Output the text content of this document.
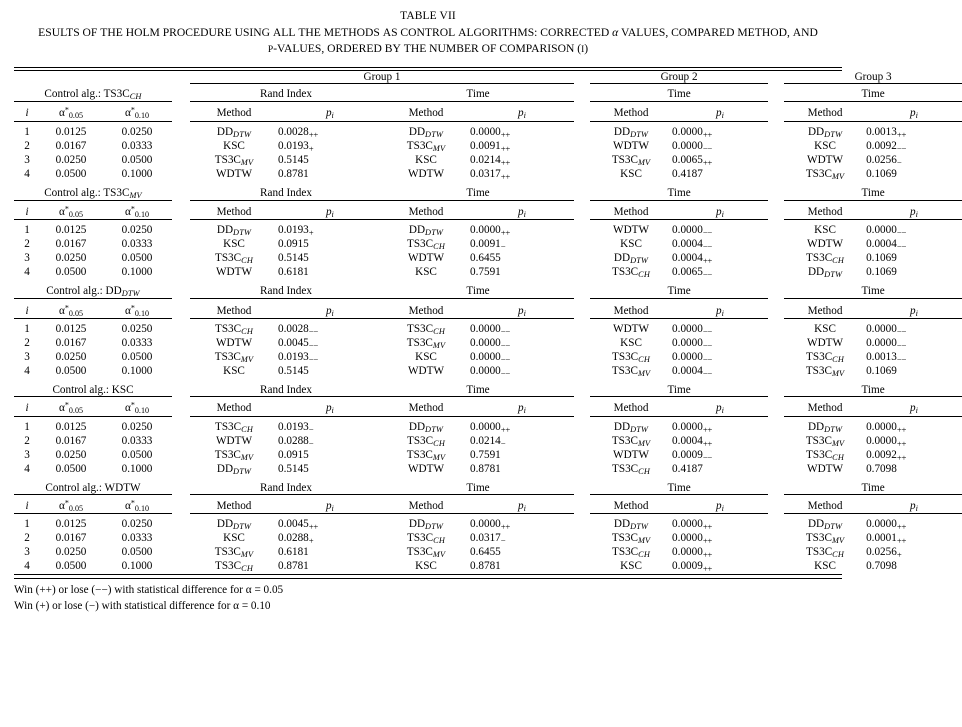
TABLE VII
ESULTS OF THE HOLM PROCEDURE USING ALL THE METHODS AS CONTROL ALGORITHMS: CORRECTED α VALUES, COMPARED METHOD, AND
P-VALUES, ORDERED BY THE NUMBER OF COMPARISON (I)
				Group 1					Group 2			Group 3	

Control alg.: TS3CCH				Rand Index		Time			Time			Time	

i	$\alpha^*_{0.05}$	$\alpha^*_{0.10}$		Method	pi	Method	pi		Method	pi		Method	pi

1	0.0125	0.0250		DDDTW	$0.0028_{++}$	DDDTW	$0.0000_{++}$		DDDTW	$0.0000_{++}$		DDDTW	$0.0013_{++}$
2	0.0167	0.0333		KSC	$0.0193_+$	TS3CMV	$0.0091_{++}$		WDTW	$0.0000_{--}$		KSC	$0.0092_{--}$
3	0.0250	0.0500		TS3CMV	0.5145	KSC	$0.0214_{++}$		TS3CMV	$0.0065_{++}$		WDTW	$0.0256_-$
4	0.0500	0.1000		WDTW	0.8781	WDTW	$0.0317_{++}$		KSC	0.4187		TS3CMV	0.1069

Control alg.: TS3CMV				Rand Index		Time			Time			Time	

i	$\alpha^*_{0.05}$	$\alpha^*_{0.10}$		Method	pi	Method	pi		Method	pi		Method	pi

1	0.0125	0.0250		DDDTW	$0.0193_+$	DDDTW	$0.0000_{++}$		WDTW	$0.0000_{--}$		KSC	$0.0000_{--}$
2	0.0167	0.0333		KSC	0.0915	TS3CCH	$0.0091_-$		KSC	$0.0004_{--}$		WDTW	$0.0004_{--}$
3	0.0250	0.0500		TS3CCH	0.5145	WDTW	0.6455		DDDTW	$0.0004_{++}$		TS3CCH	0.1069
4	0.0500	0.1000		WDTW	0.6181	KSC	0.7591		TS3CCH	$0.0065_{--}$		DDDTW	0.1069

Control alg.: DDDTW				Rand Index		Time			Time			Time	

i	$\alpha^*_{0.05}$	$\alpha^*_{0.10}$		Method	pi	Method	pi		Method	pi		Method	pi

1	0.0125	0.0250		TS3CCH	$0.0028_{--}$	TS3CCH	$0.0000_{--}$		WDTW	$0.0000_{--}$		KSC	$0.0000_{--}$
2	0.0167	0.0333		WDTW	$0.0045_{--}$	TS3CMV	$0.0000_{--}$		KSC	$0.0000_{--}$		WDTW	$0.0000_{--}$
3	0.0250	0.0500		TS3CMV	$0.0193_{--}$	KSC	$0.0000_{--}$		TS3CCH	$0.0000_{--}$		TS3CCH	$0.0013_{--}$
4	0.0500	0.1000		KSC	0.5145	WDTW	$0.0000_{--}$		TS3CMV	$0.0004_{--}$		TS3CMV	0.1069

Control alg.: KSC				Rand Index		Time			Time			Time	

i	$\alpha^*_{0.05}$	$\alpha^*_{0.10}$		Method	pi	Method	pi		Method	pi		Method	pi

1	0.0125	0.0250		TS3CCH	$0.0193_-$	DDDTW	$0.0000_{++}$		DDDTW	$0.0000_{++}$		DDDTW	$0.0000_{++}$
2	0.0167	0.0333		WDTW	$0.0288_-$	TS3CCH	$0.0214_-$		TS3CMV	$0.0004_{++}$		TS3CMV	$0.0000_{++}$
3	0.0250	0.0500		TS3CMV	0.0915	TS3CMV	0.7591		WDTW	$0.0009_{--}$		TS3CCH	$0.0092_{++}$
4	0.0500	0.1000		DDDTW	0.5145	WDTW	0.8781		TS3CCH	0.4187		WDTW	0.7098

Control alg.: WDTW				Rand Index		Time			Time			Time	

i	$\alpha^*_{0.05}$	$\alpha^*_{0.10}$		Method	pi	Method	pi		Method	pi		Method	pi

1	0.0125	0.0250		DDDTW	$0.0045_{++}$	DDDTW	$0.0000_{++}$		DDDTW	$0.0000_{++}$		DDDTW	$0.0000_{++}$
2	0.0167	0.0333		KSC	$0.0288_+$	TS3CCH	$0.0317_-$		TS3CMV	$0.0000_{++}$		TS3CMV	$0.0001_{++}$
3	0.0250	0.0500		TS3CMV	0.6181	TS3CMV	0.6455		TS3CCH	$0.0000_{++}$		TS3CCH	$0.0256_+$
4	0.0500	0.1000		TS3CCH	0.8781	KSC	0.8781		KSC	$0.0009_{++}$		KSC	0.7098
Win (++) or lose (−−) with statistical difference for α = 0.05
Win (+) or lose (−) with statistical difference for α = 0.10
